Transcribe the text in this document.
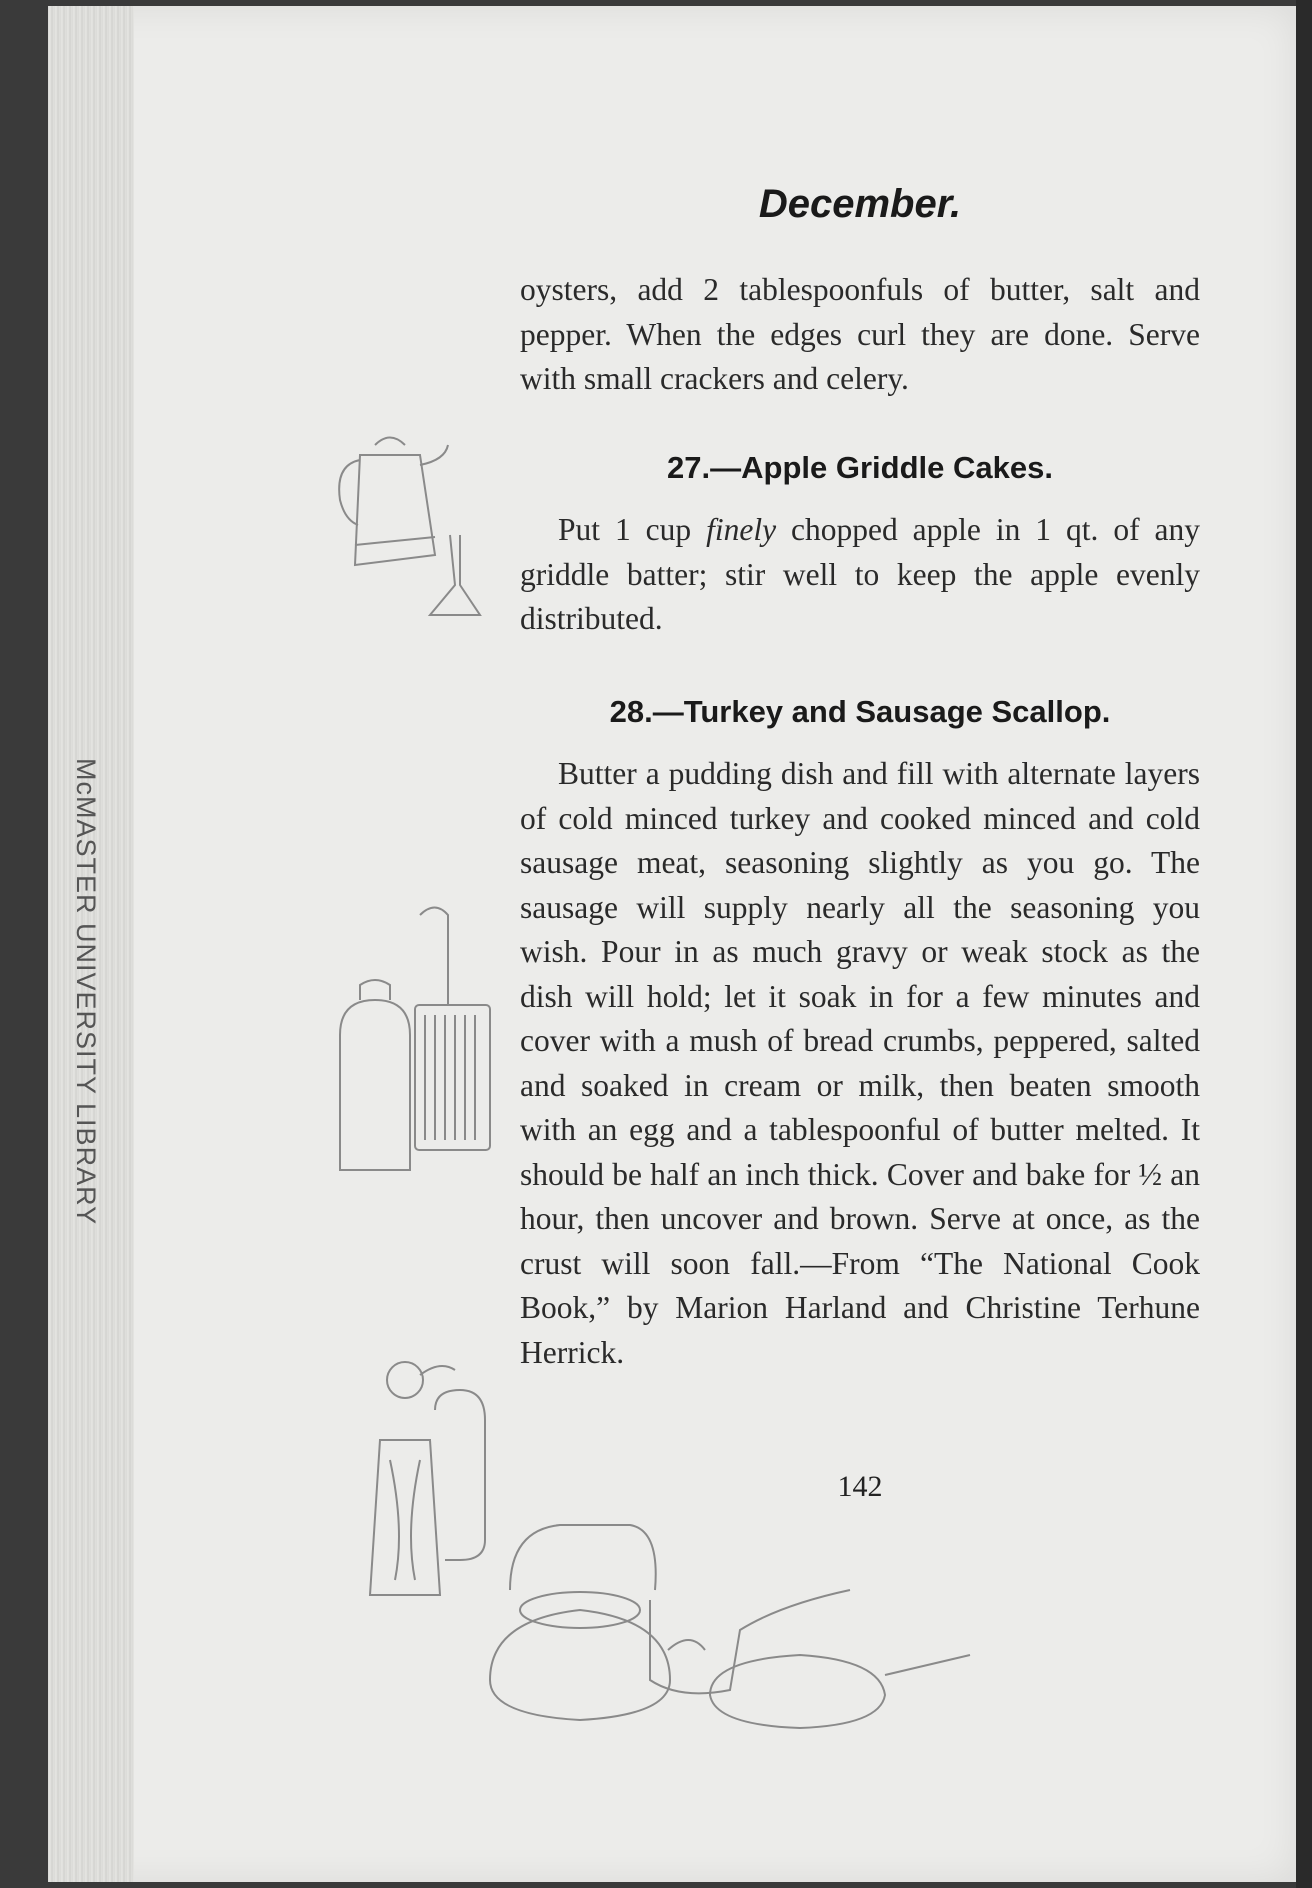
McMASTER UNIVERSITY LIBRARY
December.
oysters, add 2 tablespoonfuls of butter, salt and pepper. When the edges curl they are done. Serve with small crackers and celery.
27.—Apple Griddle Cakes.
Put 1 cup finely chopped apple in 1 qt. of any griddle batter; stir well to keep the apple evenly distributed.
28.—Turkey and Sausage Scallop.
Butter a pudding dish and fill with alternate layers of cold minced turkey and cooked minced and cold sausage meat, seasoning slightly as you go. The sausage will supply nearly all the seasoning you wish. Pour in as much gravy or weak stock as the dish will hold; let it soak in for a few minutes and cover with a mush of bread crumbs, peppered, salted and soaked in cream or milk, then beaten smooth with an egg and a tablespoonful of butter melted. It should be half an inch thick. Cover and bake for ½ an hour, then uncover and brown. Serve at once, as the crust will soon fall.—From “The National Cook Book,” by Marion Harland and Christine Terhune Herrick.
142
